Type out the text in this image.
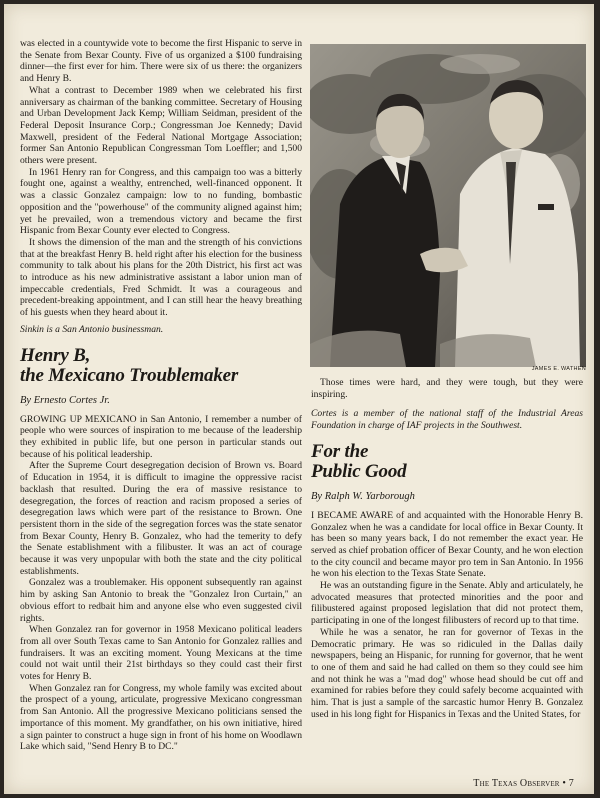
was elected in a countywide vote to become the first Hispanic to serve in the Senate from Bexar County. Five of us organized a $100 fundraising dinner—the first ever for him. There were six of us there: the organizers and Henry B.

What a contrast to December 1989 when we celebrated his first anniversary as chairman of the banking committee. Secretary of Housing and Urban Development Jack Kemp; William Seidman, president of the Federal Deposit Insurance Corp.; Congressman Joe Kennedy; David Maxwell, president of the Federal National Mortgage Association; former San Antonio Republican Congressman Tom Loeffler; and 1,500 others were present.

In 1961 Henry ran for Congress, and this campaign too was a bitterly fought one, against a wealthy, entrenched, well-financed opponent. It was a classic Gonzalez campaign: low to no funding, bombastic opposition and the "powerhouse" of the community aligned against him; yet he prevailed, won a tremendous victory and became the first Hispanic from Bexar County ever elected to Congress.

It shows the dimension of the man and the strength of his convictions that at the breakfast Henry B. held right after his election for the business community to talk about his plans for the 20th District, his first act was to introduce as his new administrative assistant a labor union man of impeccable credentials, Fred Schmidt. It was a courageous and precedent-breaking appointment, and I can still hear the heavy breathing of his guests when they heard about it.

Sinkin is a San Antonio businessman.

Henry B,
the Mexicano Troublemaker
By Ernesto Cortes Jr.

GROWING UP MEXICANO in San Antonio, I remember a number of people who were sources of inspiration to me because of the leadership they exhibited in public life, but one person in particular stands out because of his political leadership.

After the Supreme Court desegregation decision of Brown vs. Board of Education in 1954, it is difficult to imagine the oppressive racist backlash that resulted. During the era of massive resistance to desegregation, the forces of reaction and racism proposed a series of desegregation laws which were part of the resistance to Brown. One persistent thorn in the side of the segregation forces was the state senator from Bexar County, Henry B. Gonzalez, who had the temerity to defy the Senate establishment with a filibuster. It was an act of courage because it was very unpopular with both the state and the city political establishments.

Gonzalez was a troublemaker. His opponent subsequently ran against him by asking San Antonio to break the "Gonzalez Iron Curtain," an obvious effort to redbait him and anyone else who even suggested civil rights.

When Gonzalez ran for governor in 1958 Mexicano political leaders from all over South Texas came to San Antonio for Gonzalez rallies and fundraisers. It was an exciting moment. Young Mexicans at the time could not wait until their 21st birthdays so they could cast their first votes for Henry B.

When Gonzalez ran for Congress, my whole family was excited about the prospect of a young, articulate, progressive Mexicano congressman from San Antonio. All the progressive Mexicano politicians sensed the importance of this moment. My grandfather, on his own initiative, hired a sign painter to construct a huge sign in front of his home on Woodlawn Lake which said, "Send Henry B to DC."

JAMES E. WATHEN

Those times were hard, and they were tough, but they were inspiring.

Cortes is a member of the national staff of the Industrial Areas Foundation in charge of IAF projects in the Southwest.

For the
Public Good
By Ralph W. Yarborough

I BECAME AWARE of and acquainted with the Honorable Henry B. Gonzalez when he was a candidate for local office in Bexar County. It has been so many years back, I do not remember the exact year. He served as chief probation officer of Bexar County, and he won election to the city council and became mayor pro tem in San Antonio. In 1956 he won his election to the Texas State Senate.

He was an outstanding figure in the Senate. Ably and articulately, he advocated measures that protected minorities and the poor and filibustered against proposed legislation that did not protect them, participating in one of the longest filibusters of record up to that time.

While he was a senator, he ran for governor of Texas in the Democratic primary. He was so ridiculed in the Dallas daily newspapers, being an Hispanic, for running for governor, that he went to one of them and said he had called on them so they could see him and not think he was a "mad dog" whose head should be cut off and examined for rabies before they could safely become acquainted with him. That is just a sample of the sarcastic humor Henry B. Gonzalez used in his long fight for Hispanics in Texas and the United States, for

The Texas Observer • 7
